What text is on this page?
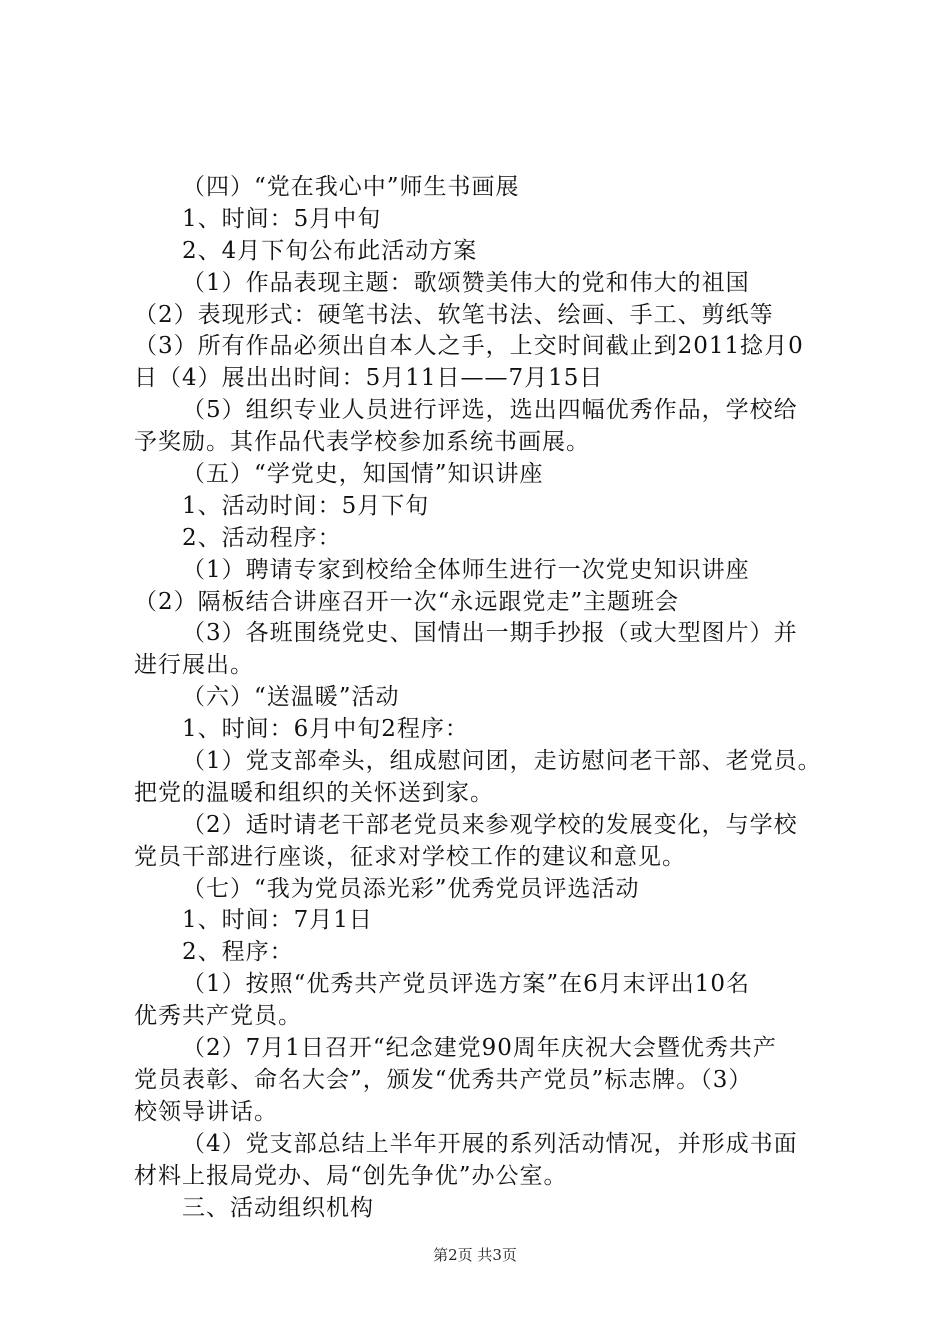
（四）“党在我心中”师生书画展
1、时间：5月中旬
2、4月下旬公布此活动方案
（1）作品表现主题：歌颂赞美伟大的党和伟大的祖国
（2）表现形式：硬笔书法、软笔书法、绘画、手工、剪纸等
（3）所有作品必须出自本人之手，上交时间截止到2011捻月0
日（4）展出出时间：5月11日——7月15日
（5）组织专业人员进行评选，选出四幅优秀作品，学校给
予奖励。其作品代表学校参加系统书画展。
（五）“学党史，知国情”知识讲座
1、活动时间：5月下旬
2、活动程序：
（1）聘请专家到校给全体师生进行一次党史知识讲座
（2）隔板结合讲座召开一次“永远跟党走”主题班会
（3）各班围绕党史、国情出一期手抄报（或大型图片）并
进行展出。
（六）“送温暖”活动
1、时间：6月中旬2程序：
（1）党支部牵头，组成慰问团，走访慰问老干部、老党员。
把党的温暖和组织的关怀送到家。
（2）适时请老干部老党员来参观学校的发展变化，与学校
党员干部进行座谈，征求对学校工作的建议和意见。
（七）“我为党员添光彩”优秀党员评选活动
1、时间：7月1日
2、程序：
（1）按照“优秀共产党员评选方案”在6月末评出10名
优秀共产党员。
（2）7月1日召开“纪念建党90周年庆祝大会暨优秀共产
党员表彰、命名大会”，颁发“优秀共产党员”标志牌。（3）
校领导讲话。
（4）党支部总结上半年开展的系列活动情况，并形成书面
材料上报局党办、局“创先争优”办公室。
三、活动组织机构
第2页 共3页
